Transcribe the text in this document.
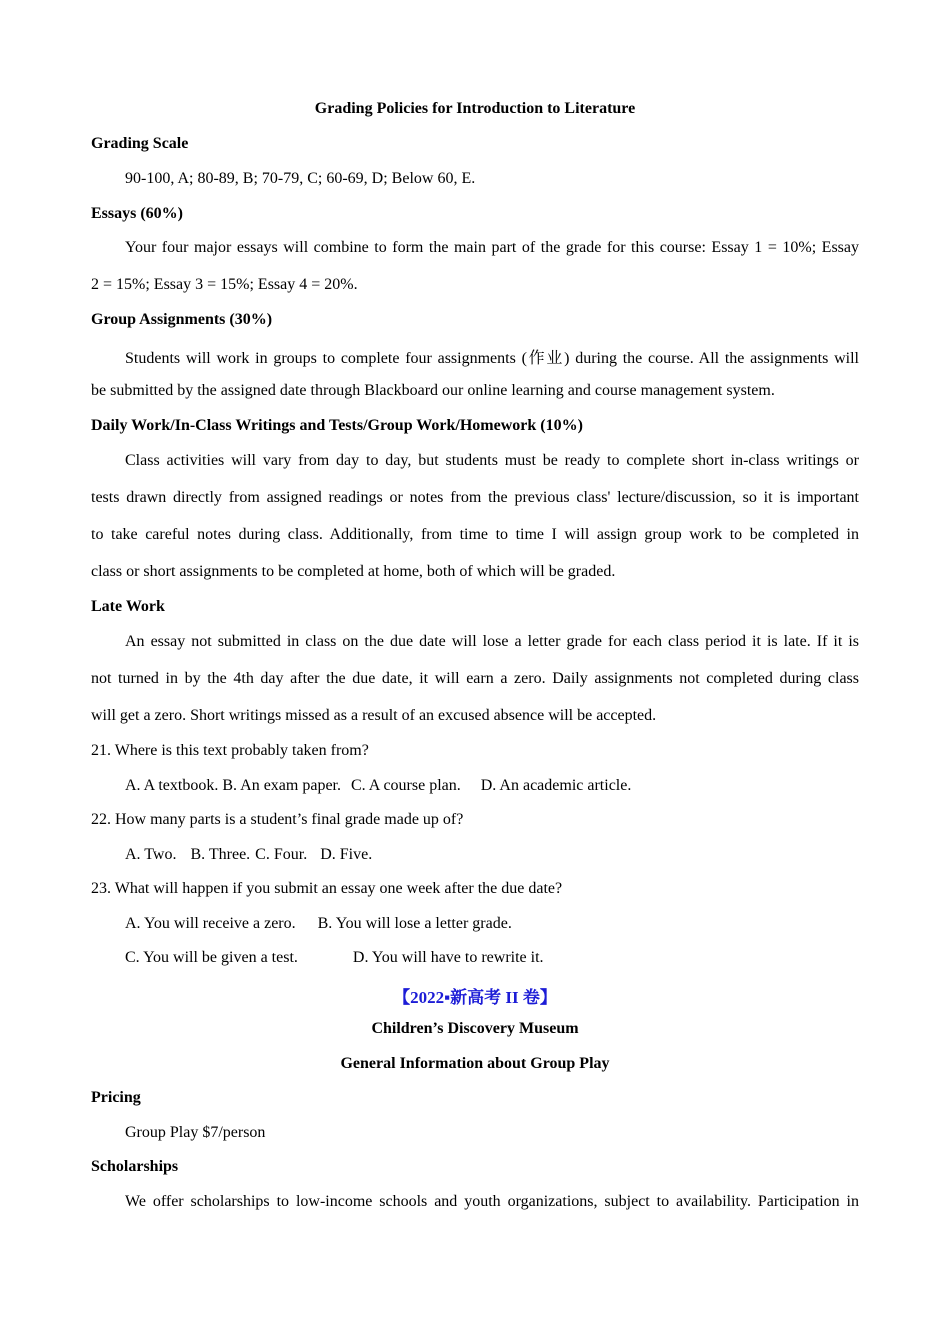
Grading Policies for Introduction to Literature
Grading Scale
90-100, A; 80-89, B; 70-79, C; 60-69, D; Below 60, E.
Essays (60%)
Your four major essays will combine to form the main part of the grade for this course: Essay 1 = 10%; Essay
2 = 15%; Essay 3 = 15%; Essay 4 = 20%.
Group Assignments (30%)
Students will work in groups to complete four assignments (作业) during the course. All the assignments will
be submitted by the assigned date through Blackboard our online learning and course management system.
Daily Work/In-Class Writings and Tests/Group Work/Homework (10%)
Class activities will vary from day to day, but students must be ready to complete short in-class writings or
tests drawn directly from assigned readings or notes from the previous class' lecture/discussion, so it is important
to take careful notes during class. Additionally, from time to time I will assign group work to be completed in
class or short assignments to be completed at home, both of which will be graded.
Late Work
An essay not submitted in class on the due date will lose a letter grade for each class period it is late. If it is
not turned in by the 4th day after the due date, it will earn a zero. Daily assignments not completed during class
will get a zero. Short writings missed as a result of an excused absence will be accepted.
21. Where is this text probably taken from?
A. A textbook. B. An exam paper. C. A course plan. D. An academic article.
22. How many parts is a student’s final grade made up of?
A. Two. B. Three. C. Four. D. Five.
23. What will happen if you submit an essay one week after the due date?
A. You will receive a zero. B. You will lose a letter grade.
C. You will be given a test.	D. You will have to rewrite it.
【2022▪新高考 II 卷】
Children’s Discovery Museum
General Information about Group Play
Pricing
Group Play $7/person
Scholarships
We offer scholarships to low-income schools and youth organizations, subject to availability. Participation in
